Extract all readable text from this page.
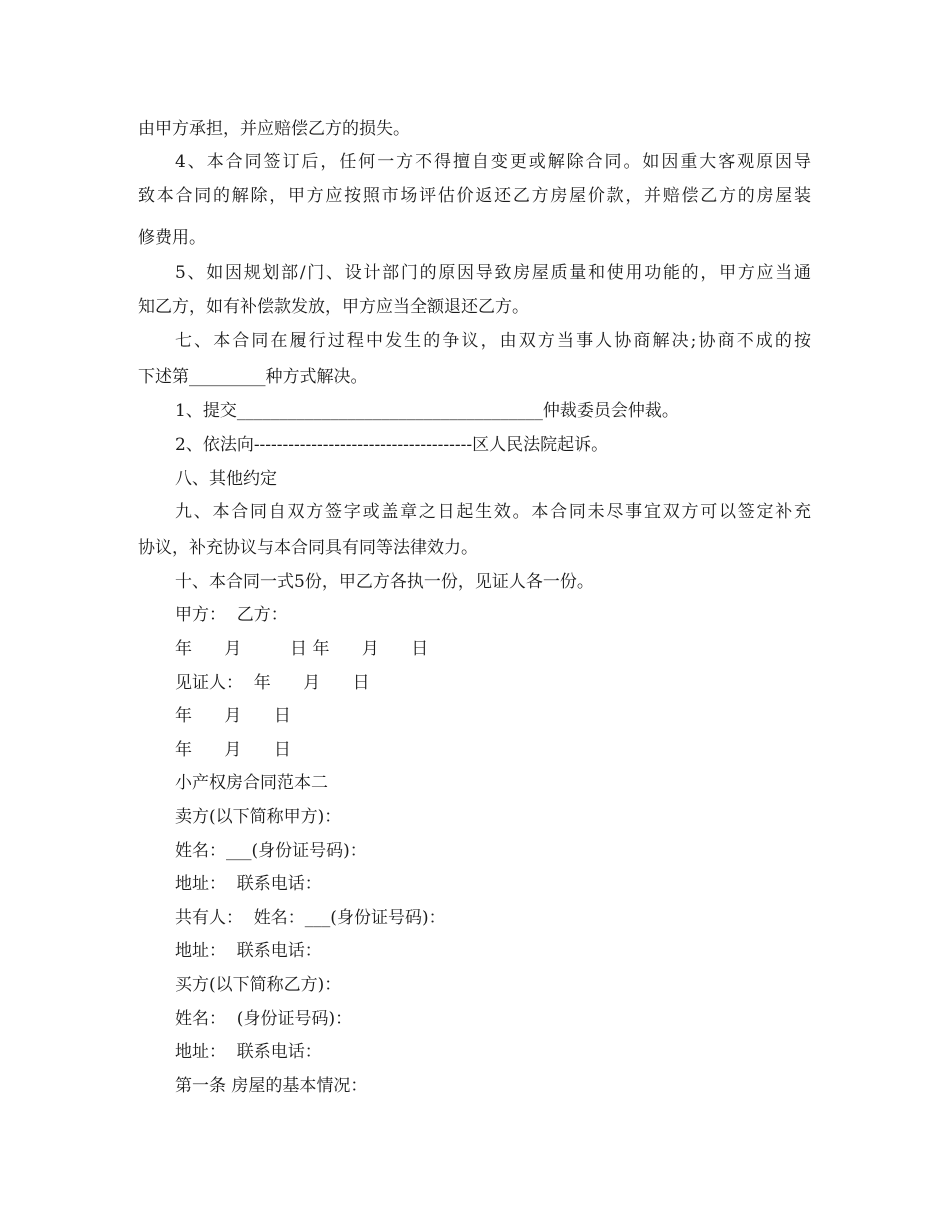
由甲方承担，并应赔偿乙方的损失。
4、本合同签订后，任何一方不得擅自变更或解除合同。如因重大客观原因导
致本合同的解除，甲方应按照市场评估价返还乙方房屋价款，并赔偿乙方的房屋装
修费用。
5、如因规划部/门、设计部门的原因导致房屋质量和使用功能的，甲方应当通
知乙方，如有补偿款发放，甲方应当全额退还乙方。
七、本合同在履行过程中发生的争议，由双方当事人协商解决;协商不成的按
下述第_________种方式解决。
1、提交____________________________________仲裁委员会仲裁。
2、依法向--------------------------------------区人民法院起诉。
八、其他约定
九、本合同自双方签字或盖章之日起生效。本合同未尽事宜双方可以签定补充
协议，补充协议与本合同具有同等法律效力。
十、本合同一式5份，甲乙方各执一份，见证人各一份。
甲方：  乙方：
年      月         日 年      月      日
见证人：  年      月      日
年      月      日
年      月      日
小产权房合同范本二
卖方(以下简称甲方)：
姓名：___(身份证号码)：
地址：  联系电话：
共有人：  姓名：___(身份证号码)：
地址：  联系电话：
买方(以下简称乙方)：
姓名：  (身份证号码)：
地址：  联系电话：
第一条 房屋的基本情况：
